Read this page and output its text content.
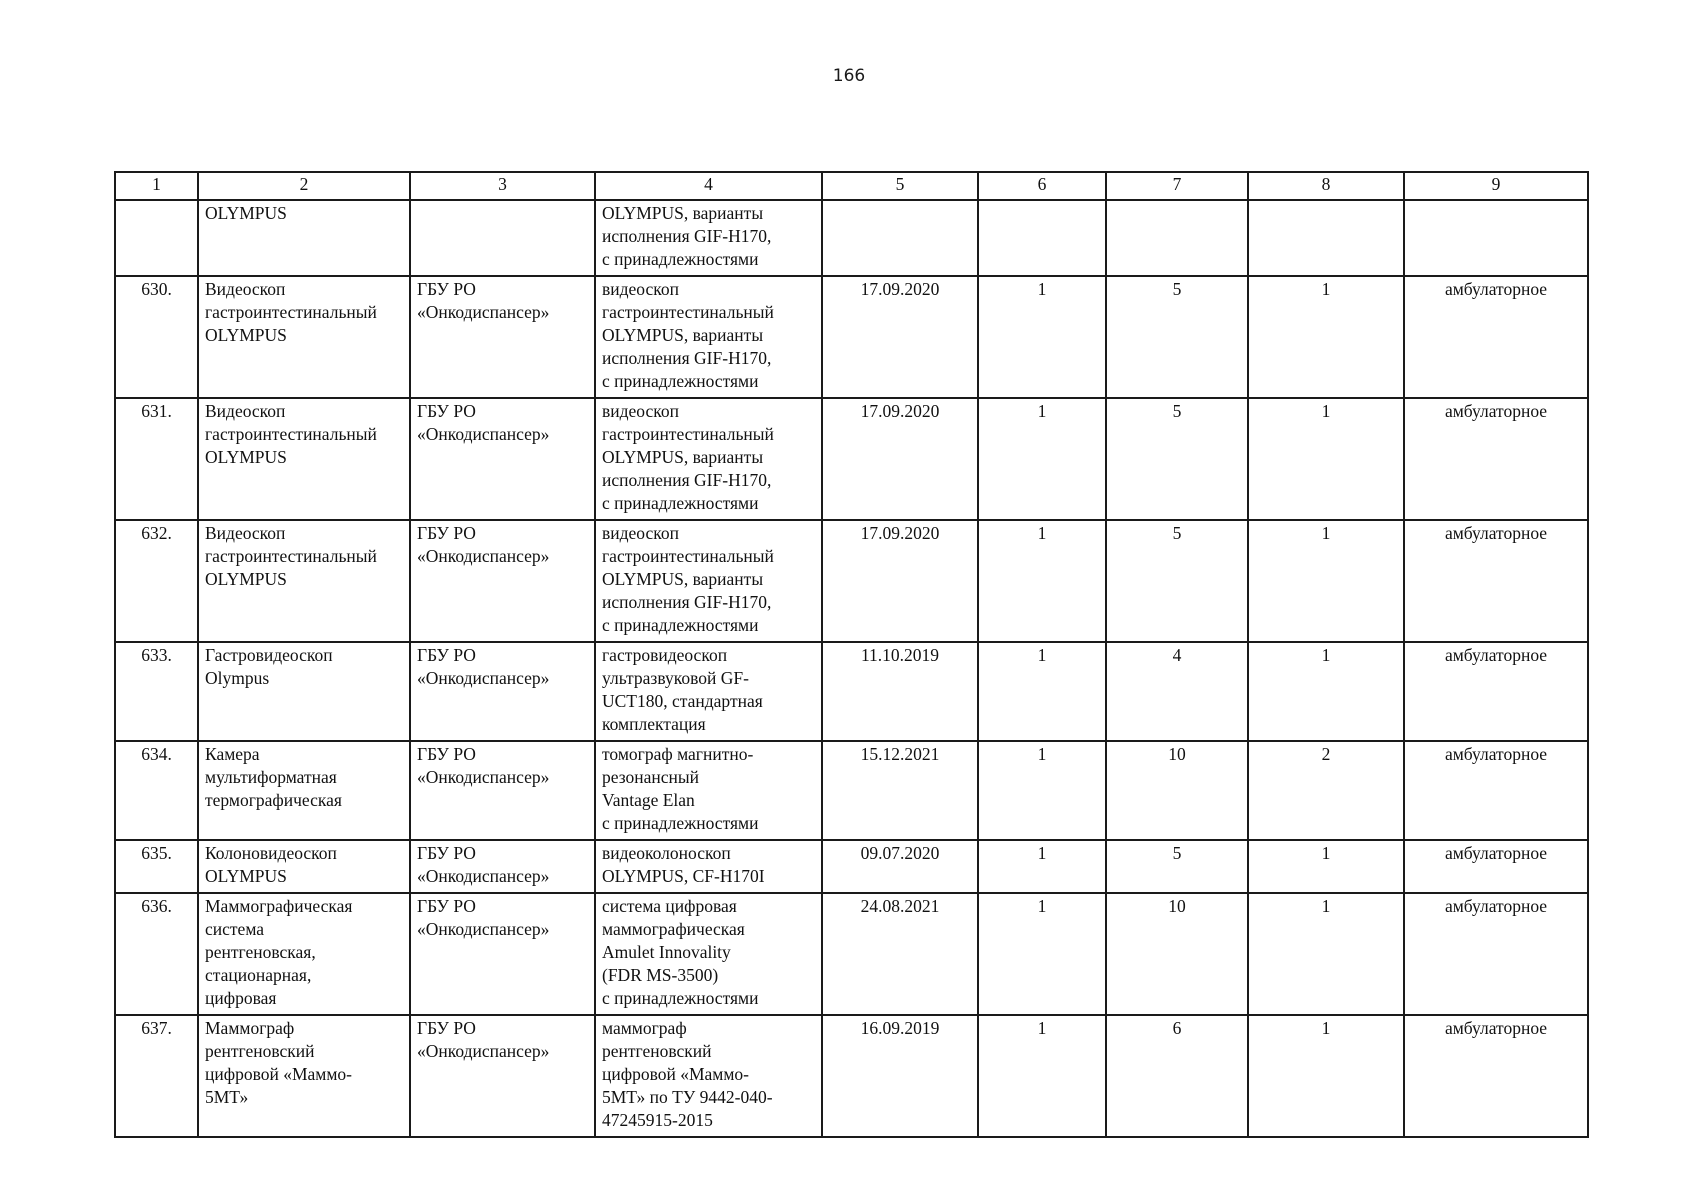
166
1	2	3	4	5	6	7	8	9
	OLYMPUS		OLYMPUS, варианты
исполнения GIF-H170,
с принадлежностями					
630.	Видеоскоп
гастроинтестинальный
OLYMPUS	ГБУ РО
«Онкодиспансер»	видеоскоп
гастроинтестинальный
OLYMPUS, варианты
исполнения GIF-H170,
с принадлежностями	17.09.2020	1	5	1	амбулаторное
631.	Видеоскоп
гастроинтестинальный
OLYMPUS	ГБУ РО
«Онкодиспансер»	видеоскоп
гастроинтестинальный
OLYMPUS, варианты
исполнения GIF-H170,
с принадлежностями	17.09.2020	1	5	1	амбулаторное
632.	Видеоскоп
гастроинтестинальный
OLYMPUS	ГБУ РО
«Онкодиспансер»	видеоскоп
гастроинтестинальный
OLYMPUS, варианты
исполнения GIF-H170,
с принадлежностями	17.09.2020	1	5	1	амбулаторное
633.	Гастровидеоскоп
Olympus	ГБУ РО
«Онкодиспансер»	гастровидеоскоп
ультразвуковой GF-
UCT180, стандартная
комплектация	11.10.2019	1	4	1	амбулаторное
634.	Камера
мультиформатная
термографическая	ГБУ РО
«Онкодиспансер»	томограф магнитно-
резонансный
Vantage Elan
с принадлежностями	15.12.2021	1	10	2	амбулаторное
635.	Колоновидеоскоп
OLYMPUS	ГБУ РО
«Онкодиспансер»	видеоколоноскоп
OLYMPUS, CF-H170I	09.07.2020	1	5	1	амбулаторное
636.	Маммографическая
система
рентгеновская,
стационарная,
цифровая	ГБУ РО
«Онкодиспансер»	система цифровая
маммографическая
Amulet Innovality
(FDR MS-3500)
с принадлежностями	24.08.2021	1	10	1	амбулаторное
637.	Маммограф
рентгеновский
цифровой «Маммо-
5МТ»	ГБУ РО
«Онкодиспансер»	маммограф
рентгеновский
цифровой «Маммо-
5МТ» по ТУ 9442-040-
47245915-2015	16.09.2019	1	6	1	амбулаторное
